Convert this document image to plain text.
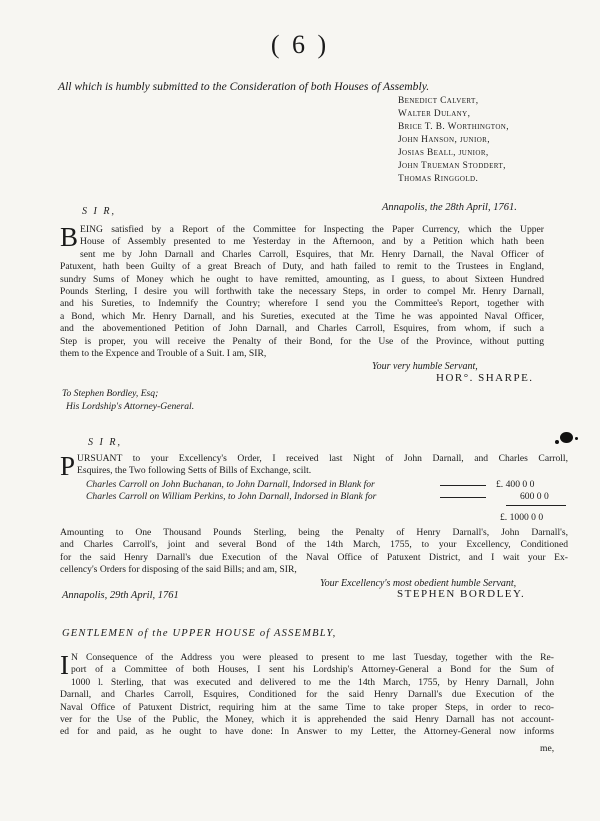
( 6 )
All which is humbly submitted to the Consideration of both Houses of Assembly.
Benedict Calvert,
Walter Dulany,
Brice T. B. Worthington,
John Hanson, junior,
Josias Beall, junior,
John Trueman Stoddert,
Thomas Ringgold.
S I R,	Annapolis, the 28th April, 1761.
B EING satisfied by a Report of the Committee for Inspecting the Paper Currency, which the Upper
House of Assembly presented to me Yesterday in the Afternoon, and by a Petition which hath been
sent me by John Darnall and Charles Carroll, Esquires, that Mr. Henry Darnall, the Naval Officer of
Patuxent, hath been Guilty of a great Breach of Duty, and hath failed to remit to the Trustees in England,
sundry Sums of Money which he ought to have remitted, amounting, as I guess, to about Sixteen Hundred
Pounds Sterling, I desire you will forthwith take the necessary Steps, in order to compel Mr. Henry Darnall,
and his Sureties, to Indemnify the Country; wherefore I send you the Committee's Report, together with
a Bond, which Mr. Henry Darnall, and his Sureties, executed at the Time he was appointed Naval Officer,
and the abovementioned Petition of John Darnall, and Charles Carroll, Esquires, from whom, if such a
Step is proper, you will receive the Penalty of their Bond, for the Use of the Province, without putting
them to the Expence and Trouble of a Suit. I am, SIR,
Your very humble Servant,
HOR°. SHARPE.
To Stephen Bordley, Esq;
His Lordship's Attorney-General.
S I R,
P URSUANT to your Excellency's Order, I received last Night of John Darnall, and Charles Carroll,
Esquires, the Two following Setts of Bills of Exchange, scilt.
Charles Carroll on John Buchanan, to John Darnall, Indorsed in Blank for	£. 400 0 0
Charles Carroll on William Perkins, to John Darnall, Indorsed in Blank for	600 0 0
£. 1000 0 0
Amounting to One Thousand Pounds Sterling, being the Penalty of Henry Darnall's, John Darnall's,
and Charles Carroll's, joint and several Bond of the 14th March, 1755, to your Excellency, Conditioned
for the said Henry Darnall's due Execution of the Naval Office of Patuxent District, and I wait your Ex-
cellency's Orders for disposing of the said Bills; and am, SIR,
Your Excellency's most obedient humble Servant,
Annapolis, 29th April, 1761	STEPHEN BORDLEY.
GENTLEMEN of the UPPER HOUSE of ASSEMBLY,
I N Consequence of the Address you were pleased to present to me last Tuesday, together with the Re-
port of a Committee of both Houses, I sent his Lordship's Attorney-General a Bond for the Sum of
1000 l. Sterling, that was executed and delivered to me the 14th March, 1755, by Henry Darnall, John
Darnall, and Charles Carroll, Esquires, Conditioned for the said Henry Darnall's due Execution of the
Naval Office of Patuxent District, requiring him at the same Time to take proper Steps, in order to reco-
ver for the Use of the Public, the Money, which it is apprehended the said Henry Darnall has not account-
ed for and paid, as he ought to have done: In Answer to my Letter, the Attorney-General now informs
me,
